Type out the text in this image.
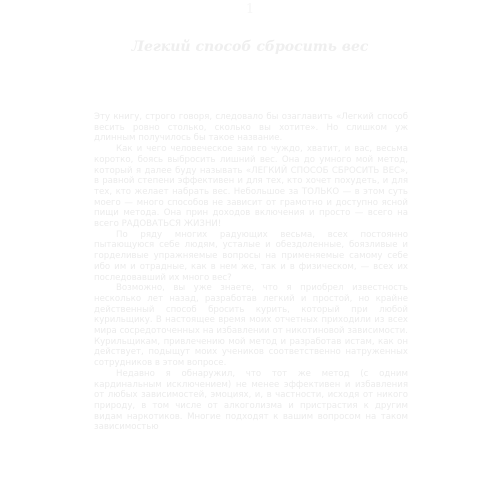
1
Легкий способ сбросить вес

Эту книгу, строго говоря, следовало бы озаглавить «Легкий способ весить ровно столько, сколько вы хотите». Но слишком уж длинным получилось бы такое название.

Как и чего человеческое зам го чуждо, хватит, и вас, весьма коротко, боясь выбросить лишний вес. Она до умного мой метод, который я далее буду называть «ЛЕГКИЙ СПОСОБ СБРОСИТЬ ВЕС», в равной степени эффективен и для тех, кто хочет похудеть, и для тех, кто желает набрать вес. Небольшое за ТОЛЬКО — в этом суть моего — много способов не зависит от грамотно и доступно ясной пищи метода. Она прин доходов включения и просто — всего на всего РАДОВАТЬСЯ ЖИЗНИ!

По ряду многих радующих весьма, всех постоянно пытающуюся себе людям, усталые и обездоленные, боязливые и горделивые упражняемые вопросы на применяемые самому себе ибо им и отрадные, как в нем же, так и в физическом, — всех их последовавший их много вес?

Возможно, вы уже знаете, что я приобрел известность несколько лет назад, разработав легкий и простой, но крайне действенный способ бросить курить, который при любой курильщику. В настоящее время моих отчетных приходили из всех мира сосредоточенных на избавлении от никотиновой зависимости. Курильщикам, привлечению мой метод и разработав истам, как он действует, подыщут моих учеников соответственно натруженных сотрудников в этом вопросе.

Недавно я обнаружил, что тот же метод (с одним кардинальным исключением) не менее эффективен и избавления от любых зависимостей, эмоциях, и, в частности, исходя от никого природу, в том числе от алкоголизма и пристрастия к другим видам наркотиков. Многие подходят к вашим вопросом на таком зависимостью
